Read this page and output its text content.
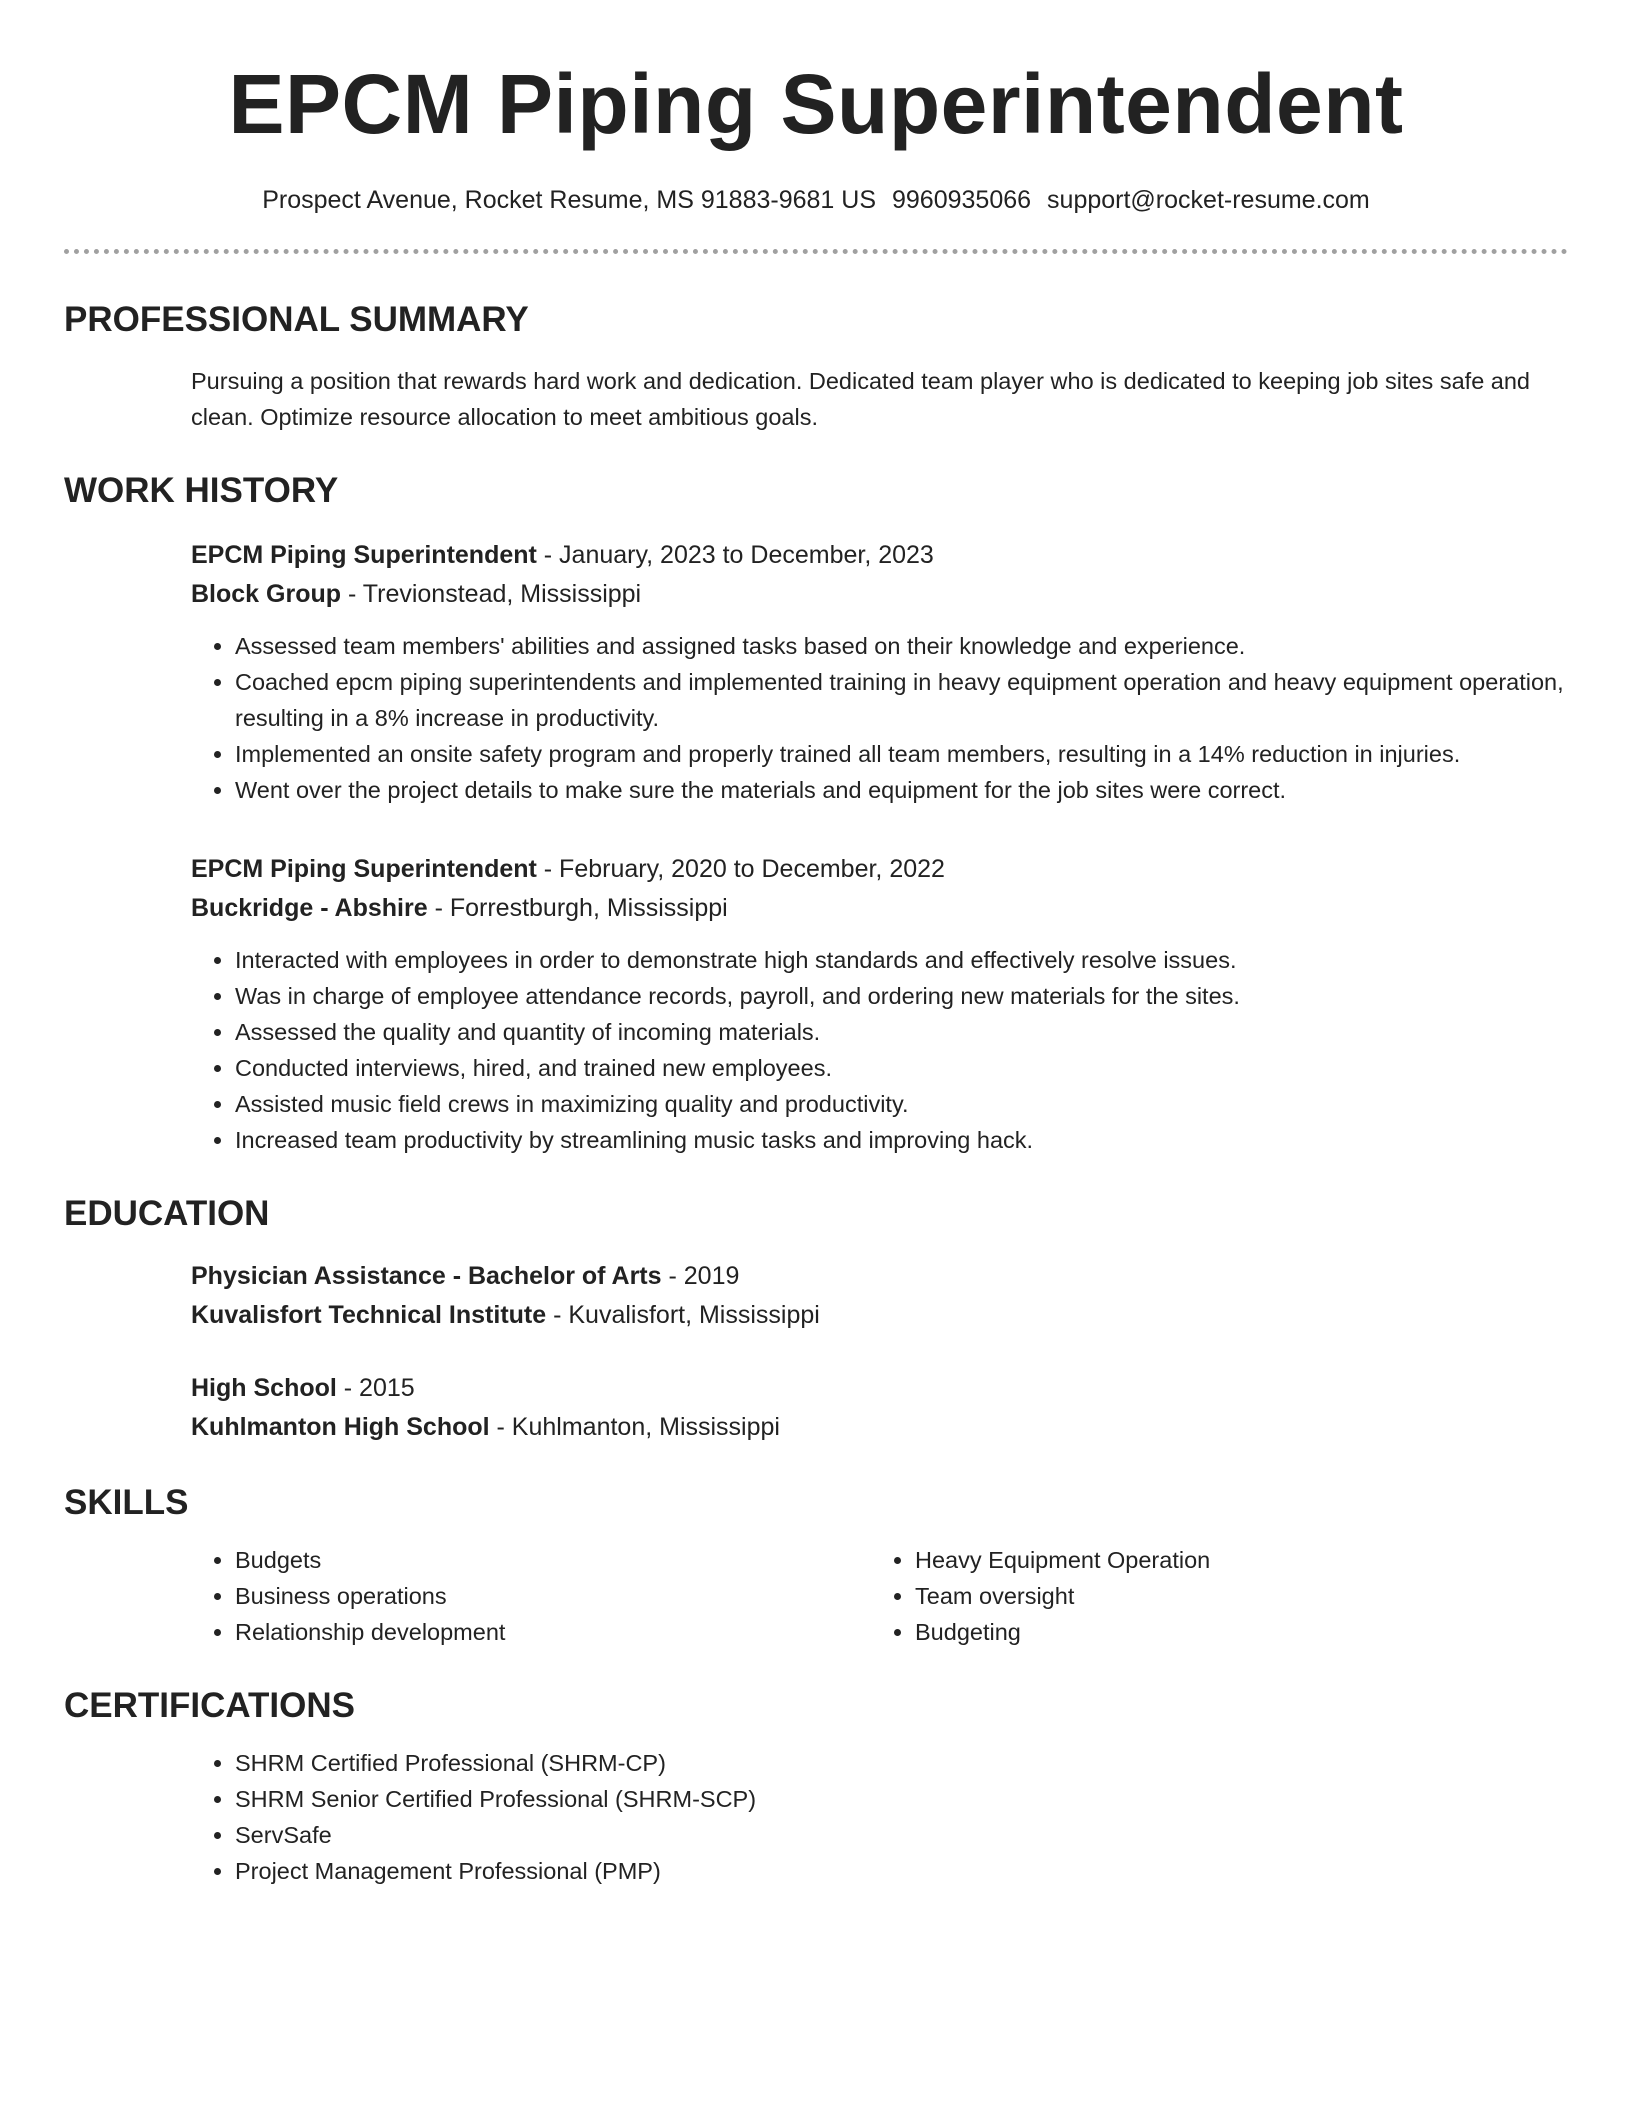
EPCM Piping Superintendent
Prospect Avenue, Rocket Resume, MS 91883-9681 US 9960935066 support@rocket-resume.com
PROFESSIONAL SUMMARY

Pursuing a position that rewards hard work and dedication. Dedicated team player who is dedicated to keeping job sites safe and clean. Optimize resource allocation to meet ambitious goals.

WORK HISTORY
EPCM Piping Superintendent - January, 2023 to December, 2023
Block Group - Trevionstead, Mississippi
• Assessed team members' abilities and assigned tasks based on their knowledge and experience.
• Coached epcm piping superintendents and implemented training in heavy equipment operation and heavy equipment operation, resulting in a 8% increase in productivity.
• Implemented an onsite safety program and properly trained all team members, resulting in a 14% reduction in injuries.
• Went over the project details to make sure the materials and equipment for the job sites were correct.
EPCM Piping Superintendent - February, 2020 to December, 2022
Buckridge - Abshire - Forrestburgh, Mississippi
• Interacted with employees in order to demonstrate high standards and effectively resolve issues.
• Was in charge of employee attendance records, payroll, and ordering new materials for the sites.
• Assessed the quality and quantity of incoming materials.
• Conducted interviews, hired, and trained new employees.
• Assisted music field crews in maximizing quality and productivity.
• Increased team productivity by streamlining music tasks and improving hack.
EDUCATION
Physician Assistance - Bachelor of Arts - 2019
Kuvalisfort Technical Institute - Kuvalisfort, Mississippi
High School - 2015
Kuhlmanton High School - Kuhlmanton, Mississippi
SKILLS
• Budgets
• Business operations
• Relationship development
• Heavy Equipment Operation
• Team oversight
• Budgeting
CERTIFICATIONS
• SHRM Certified Professional (SHRM-CP)
• SHRM Senior Certified Professional (SHRM-SCP)
• ServSafe
• Project Management Professional (PMP)
